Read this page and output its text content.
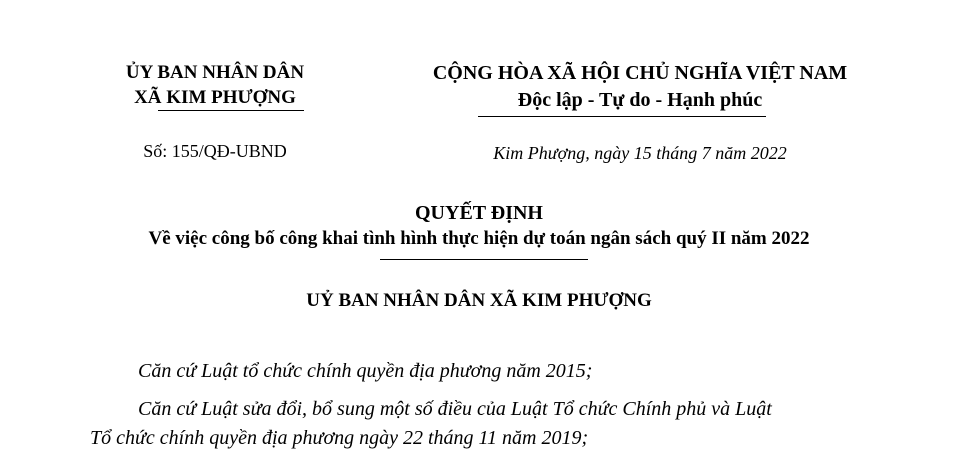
ỦY BAN NHÂN DÂN
XÃ KIM PHƯỢNG
CỘNG HÒA XÃ HỘI CHỦ NGHĨA VIỆT NAM
Độc lập - Tự do - Hạnh phúc
Số: 155/QĐ-UBND	Kim Phượng, ngày 15 tháng 7 năm 2022
QUYẾT ĐỊNH
Về việc công bố công khai tình hình thực hiện dự toán ngân sách quý II năm 2022
UỶ BAN NHÂN DÂN XÃ KIM PHƯỢNG
Căn cứ Luật tổ chức chính quyền địa phương năm 2015;
Căn cứ Luật sửa đổi, bổ sung một số điều của Luật Tổ chức Chính phủ và Luật
Tổ chức chính quyền địa phương ngày 22 tháng 11 năm 2019;
